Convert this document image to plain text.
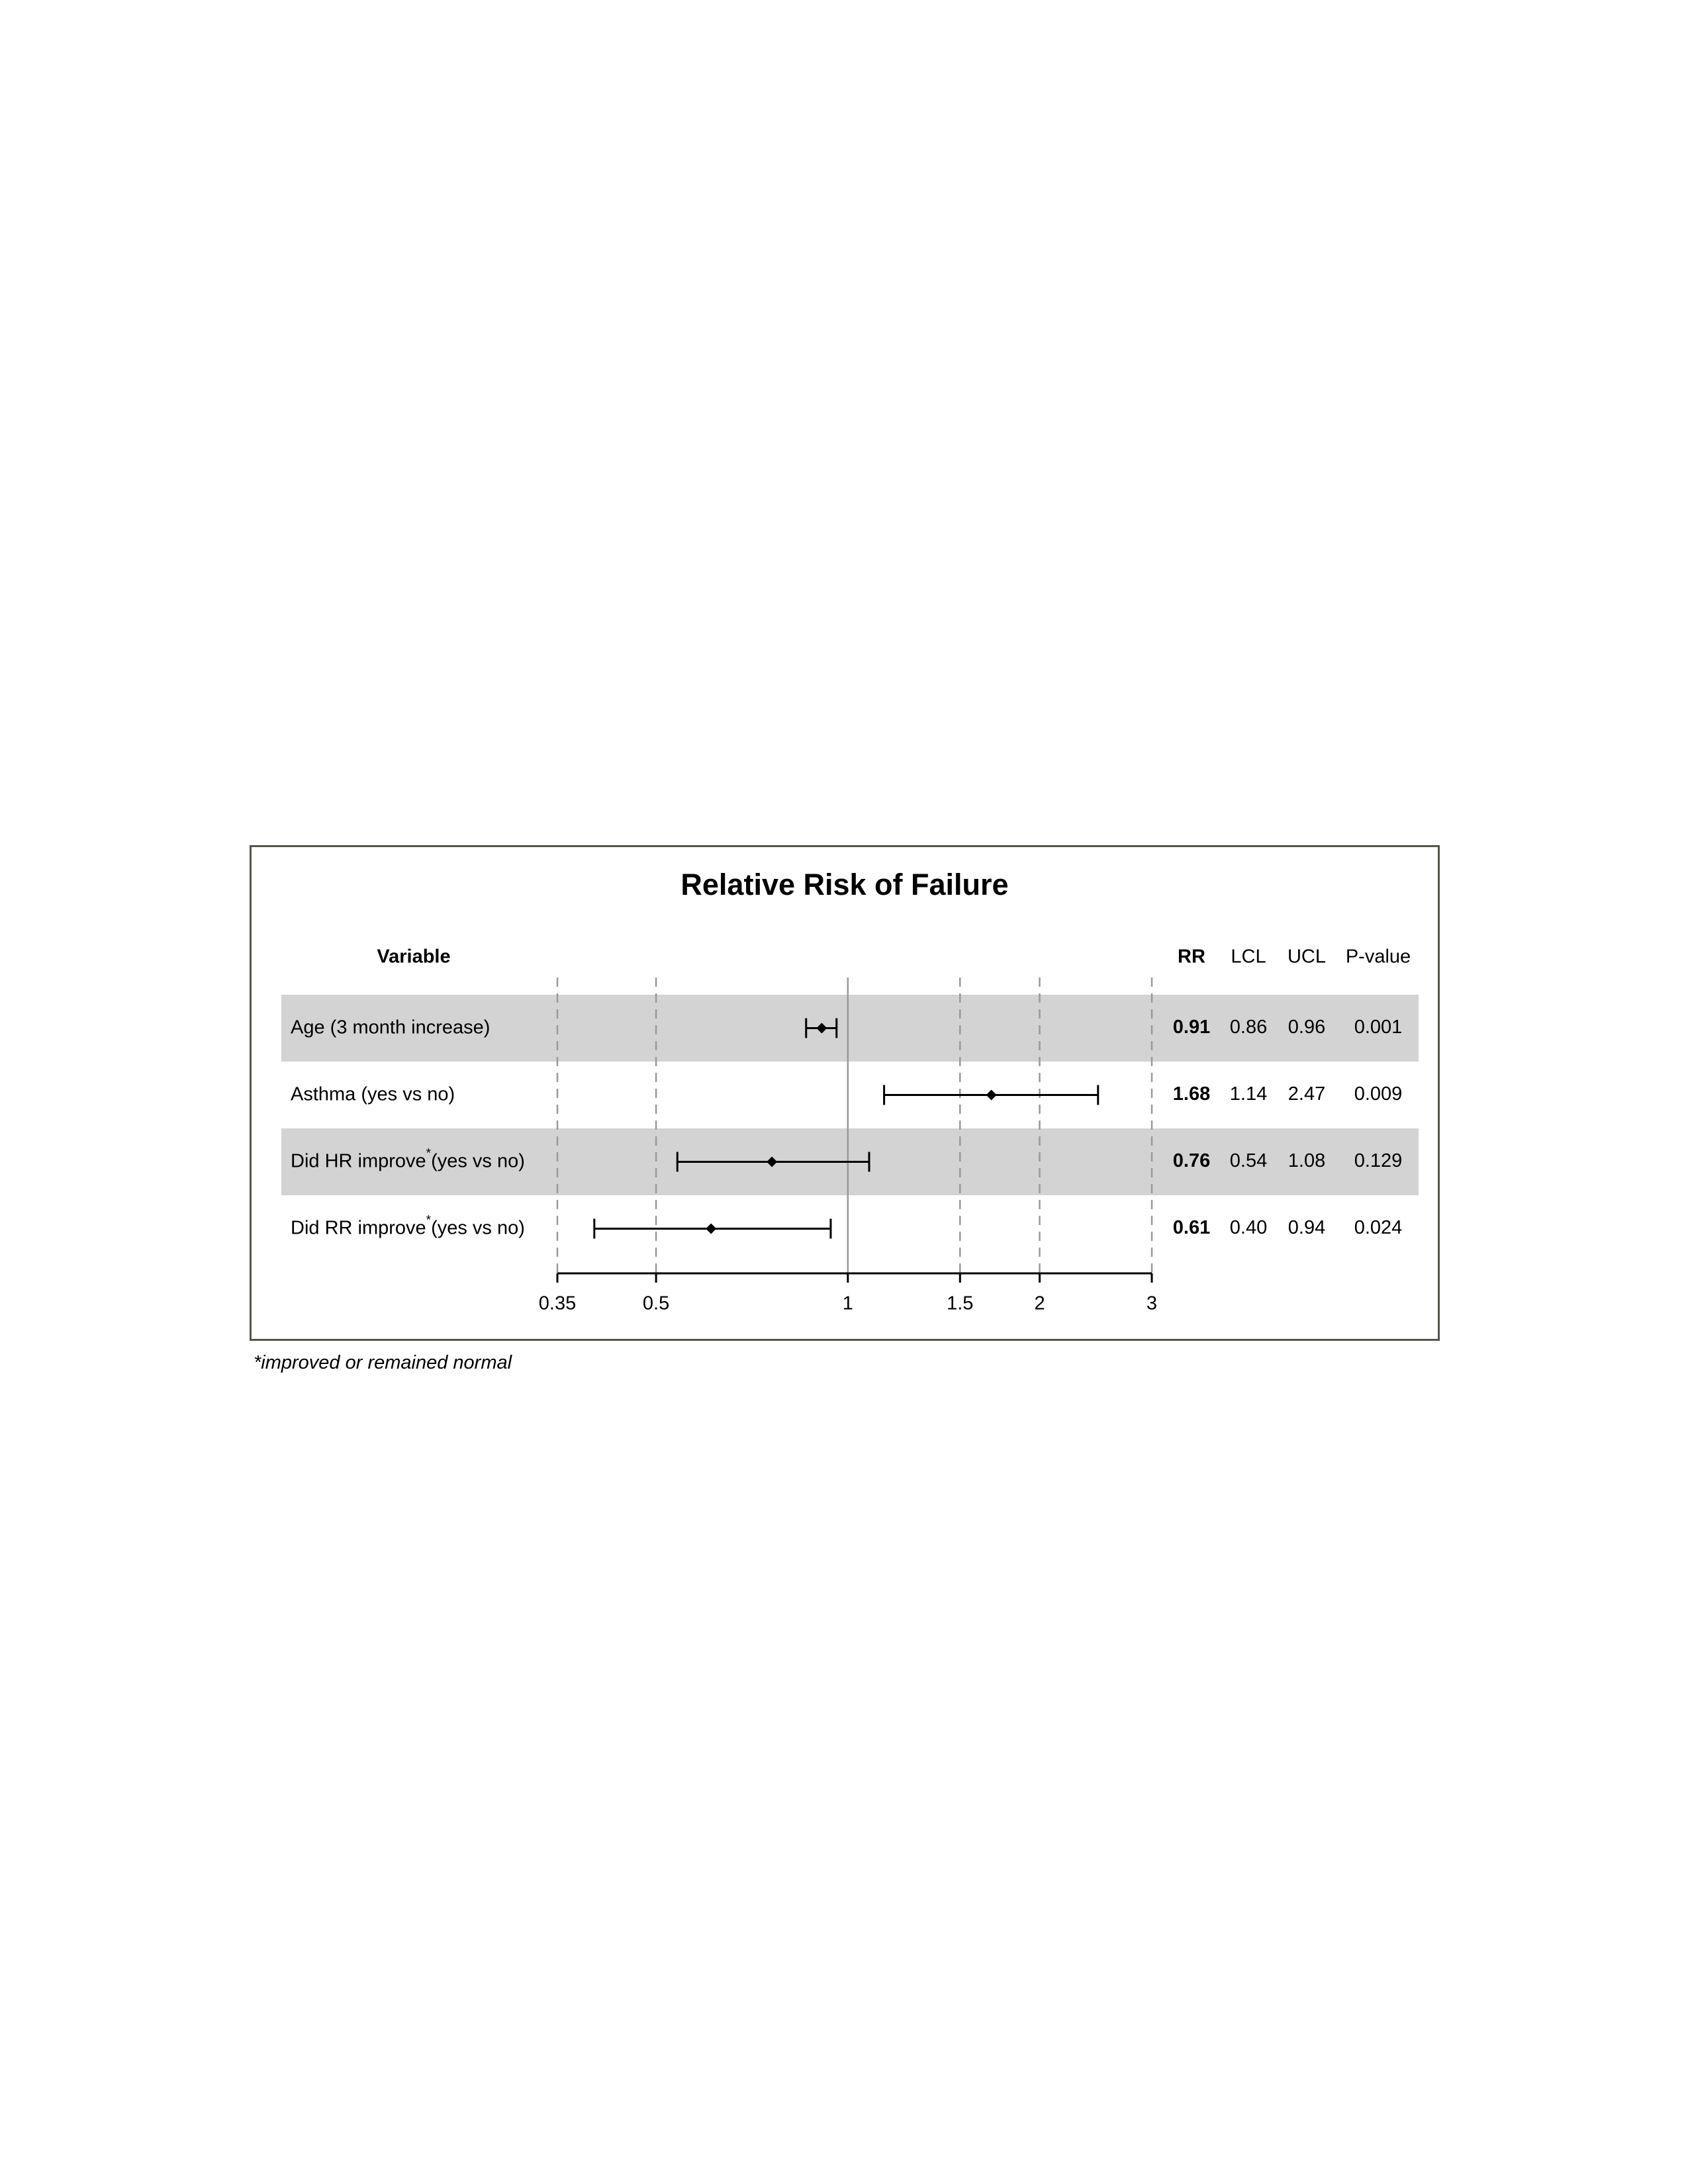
Relative Risk of Failure
Variable	RR LCL UCL P-value
Age (3 month increase)	0.91 0.86 0.96 0.001
Asthma (yes vs no)	1.68 1.14 2.47 0.009
Did HR improve*(yes vs no)	0.76 0.54 1.08 0.129
Did RR improve*(yes vs no)	0.61 0.40 0.94 0.024
0.35	0.5	1	1.5	2	3
*improved or remained normal
